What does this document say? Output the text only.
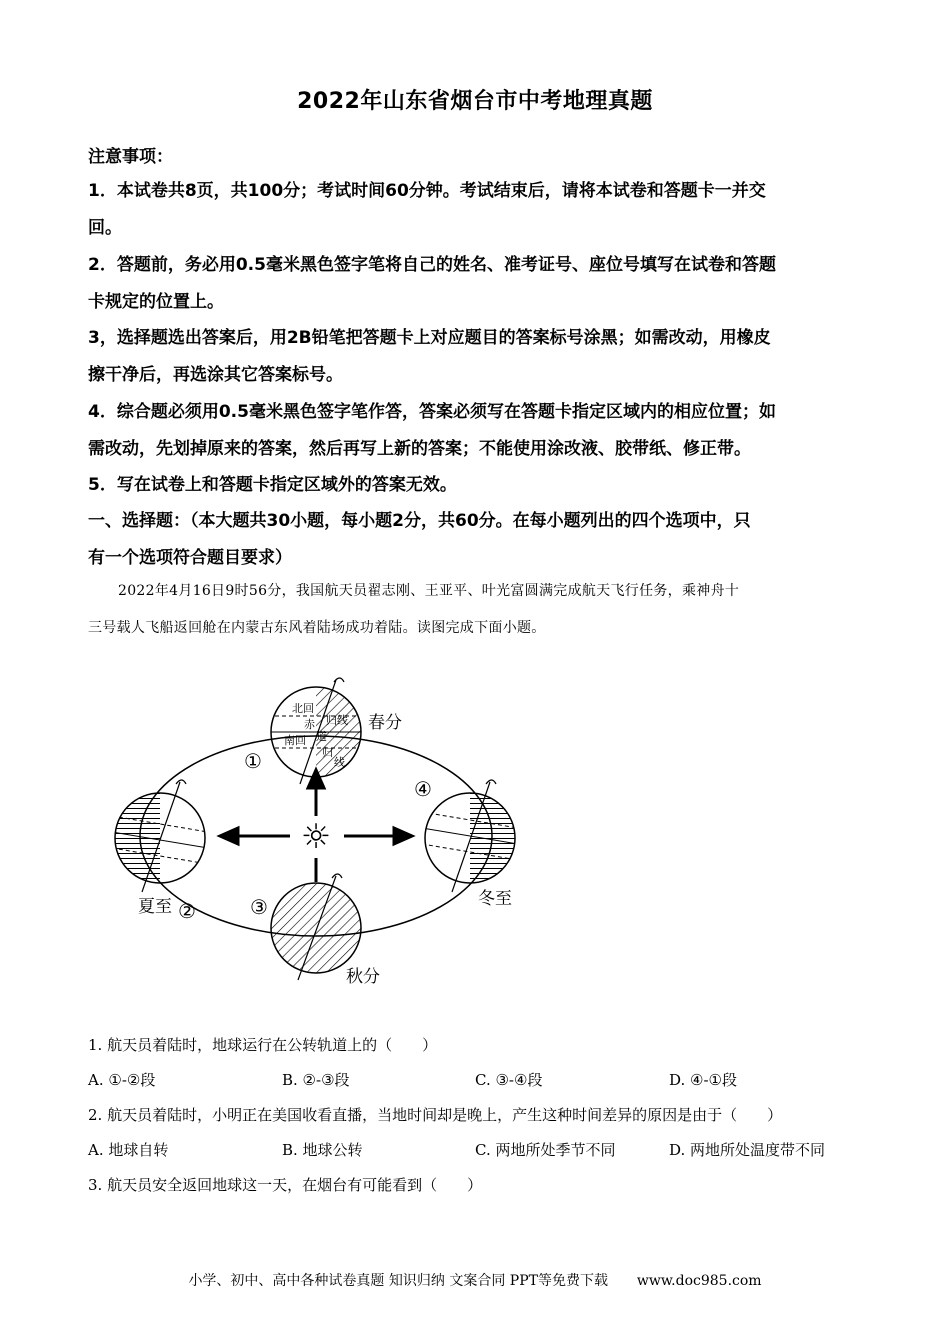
2022年山东省烟台市中考地理真题
注意事项：
1．本试卷共8页，共100分；考试时间60分钟。考试结束后，请将本试卷和答题卡一并交
回。
2．答题前，务必用0.5毫米黑色签字笔将自己的姓名、准考证号、座位号填写在试卷和答题
卡规定的位置上。
3，选择题选出答案后，用2B铅笔把答题卡上对应题目的答案标号涂黑；如需改动，用橡皮
擦干净后，再选涂其它答案标号。
4．综合题必须用0.5毫米黑色签字笔作答，答案必须写在答题卡指定区域内的相应位置；如
需改动，先划掉原来的答案，然后再写上新的答案；不能使用涂改液、胶带纸、修正带。
5．写在试卷上和答题卡指定区域外的答案无效。
一、选择题：（本大题共30小题，每小题2分，共60分。在每小题列出的四个选项中，只
有一个选项符合题目要求）
2022年4月16日9时56分，我国航天员翟志刚、王亚平、叶光富圆满完成航天飞行任务，乘神舟十
三号载人飞船返回舱在内蒙古东风着陆场成功着陆。读图完成下面小题。
☼
北回
归线
赤
道
南回
归
线
春分
夏至	冬至
秋分
①
②	③
④
1. 航天员着陆时，地球运行在公转轨道上的（　　）
A. ①-②段	B. ②-③段	C. ③-④段	D. ④-①段
2. 航天员着陆时，小明正在美国收看直播，当地时间却是晚上，产生这种时间差异的原因是由于（　　）
A. 地球自转	B. 地球公转	C. 两地所处季节不同	D. 两地所处温度带不同
3. 航天员安全返回地球这一天，在烟台有可能看到（　　）
小学、初中、高中各种试卷真题 知识归纳 文案合同 PPT等免费下载 www.doc985.com
